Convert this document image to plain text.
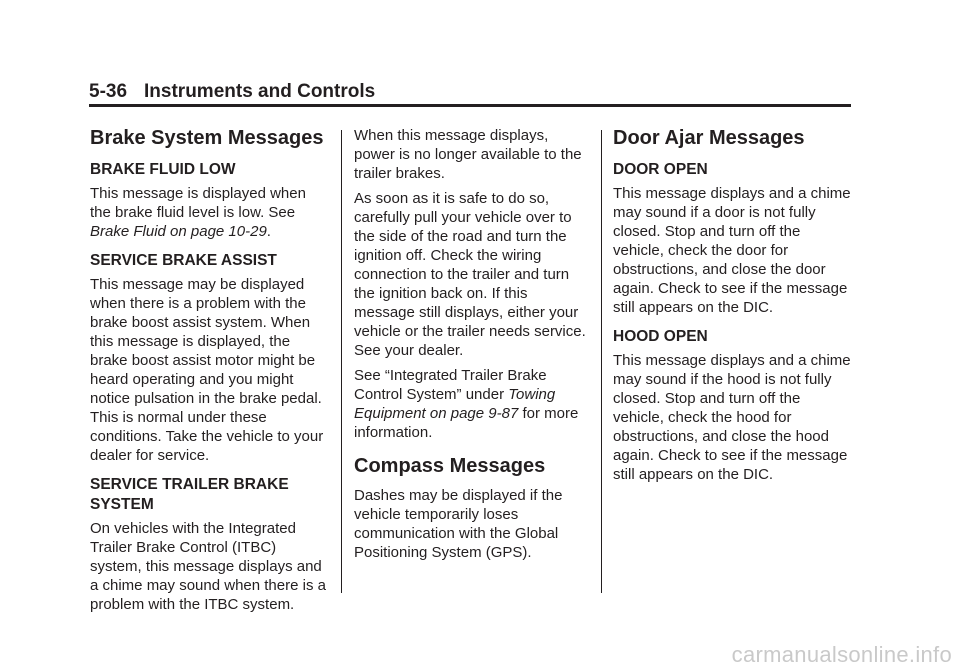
5-36 Instruments and Controls
Brake System Messages
BRAKE FLUID LOW

This message is displayed when the brake fluid level is low. See Brake Fluid on page 10-29.

SERVICE BRAKE ASSIST

This message may be displayed when there is a problem with the brake boost assist system. When this message is displayed, the brake boost assist motor might be heard operating and you might notice pulsation in the brake pedal. This is normal under these conditions. Take the vehicle to your dealer for service.

SERVICE TRAILER BRAKE SYSTEM

On vehicles with the Integrated Trailer Brake Control (ITBC) system, this message displays and a chime may sound when there is a problem with the ITBC system.

When this message displays, power is no longer available to the trailer brakes.

As soon as it is safe to do so, carefully pull your vehicle over to the side of the road and turn the ignition off. Check the wiring connection to the trailer and turn the ignition back on. If this message still displays, either your vehicle or the trailer needs service. See your dealer.

See “Integrated Trailer Brake Control System” under Towing Equipment on page 9-87 for more information.

Compass Messages

Dashes may be displayed if the vehicle temporarily loses communication with the Global Positioning System (GPS).

Door Ajar Messages
DOOR OPEN

This message displays and a chime may sound if a door is not fully closed. Stop and turn off the vehicle, check the door for obstructions, and close the door again. Check to see if the message still appears on the DIC.

HOOD OPEN

This message displays and a chime may sound if the hood is not fully closed. Stop and turn off the vehicle, check the hood for obstructions, and close the hood again. Check to see if the message still appears on the DIC.

carmanualsonline.info
